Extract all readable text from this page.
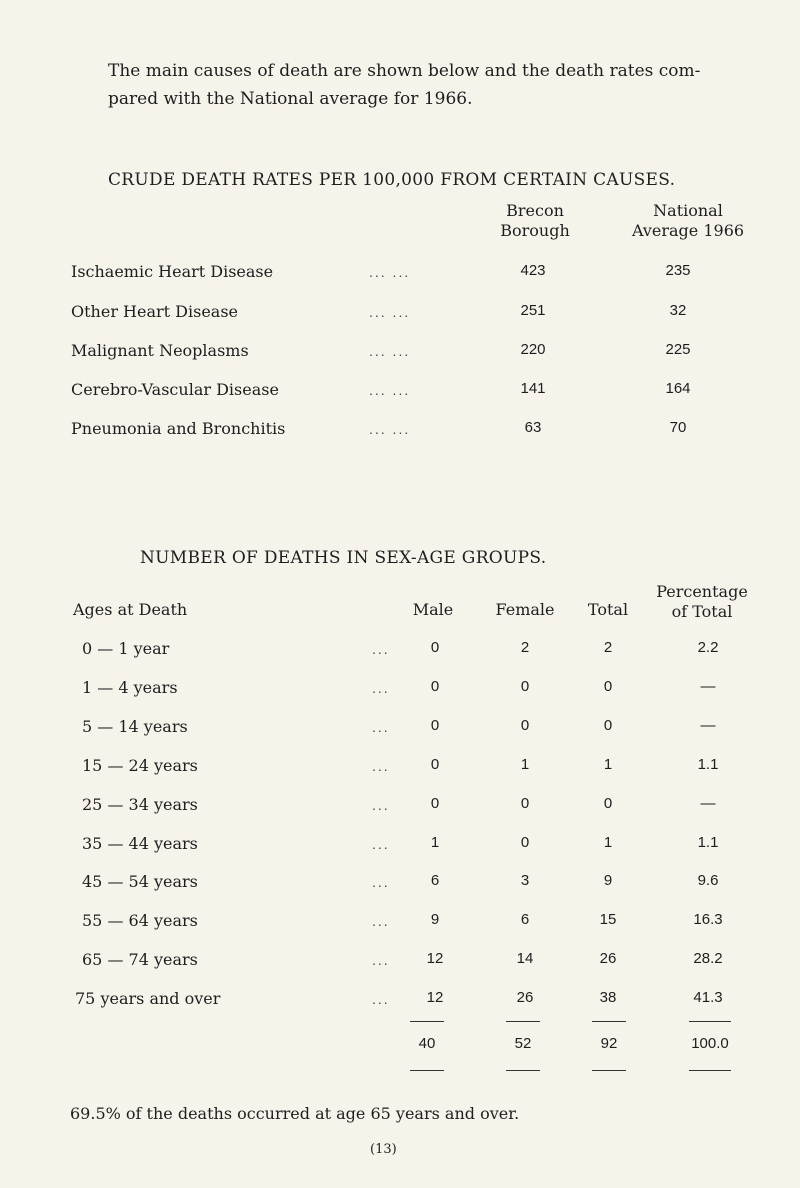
The main causes of death are shown below and the death rates com-
pared with the National average for 1966.
CRUDE DEATH RATES PER 100,000 FROM CERTAIN CAUSES.
Brecon
Borough
National
Average 1966
Ischaemic Heart Disease	... ...	423	235
Other Heart Disease	... ...	251	32
Malignant Neoplasms	... ...	220	225
Cerebro-Vascular Disease	... ...	141	164
Pneumonia and Bronchitis	... ...	63	70
NUMBER OF DEATHS IN SEX-AGE GROUPS.
Ages at Death	Male	Female	Total
Percentage
of Total
0 — 1 year	...	0	2	2	2.2
1 — 4 years	...	0	0	0	—
5 — 14 years	...	0	0	0	—
15 — 24 years	...	0	1	1	1.1
25 — 34 years	...	0	0	0	—
35 — 44 years	...	1	0	1	1.1
45 — 54 years	...	6	3	9	9.6
55 — 64 years	...	9	6	15	16.3
65 — 74 years	...	12	14	26	28.2
75 years and over	...	12	26	38	41.3
40	52	92	100.0
69.5% of the deaths occurred at age 65 years and over.
(13)
